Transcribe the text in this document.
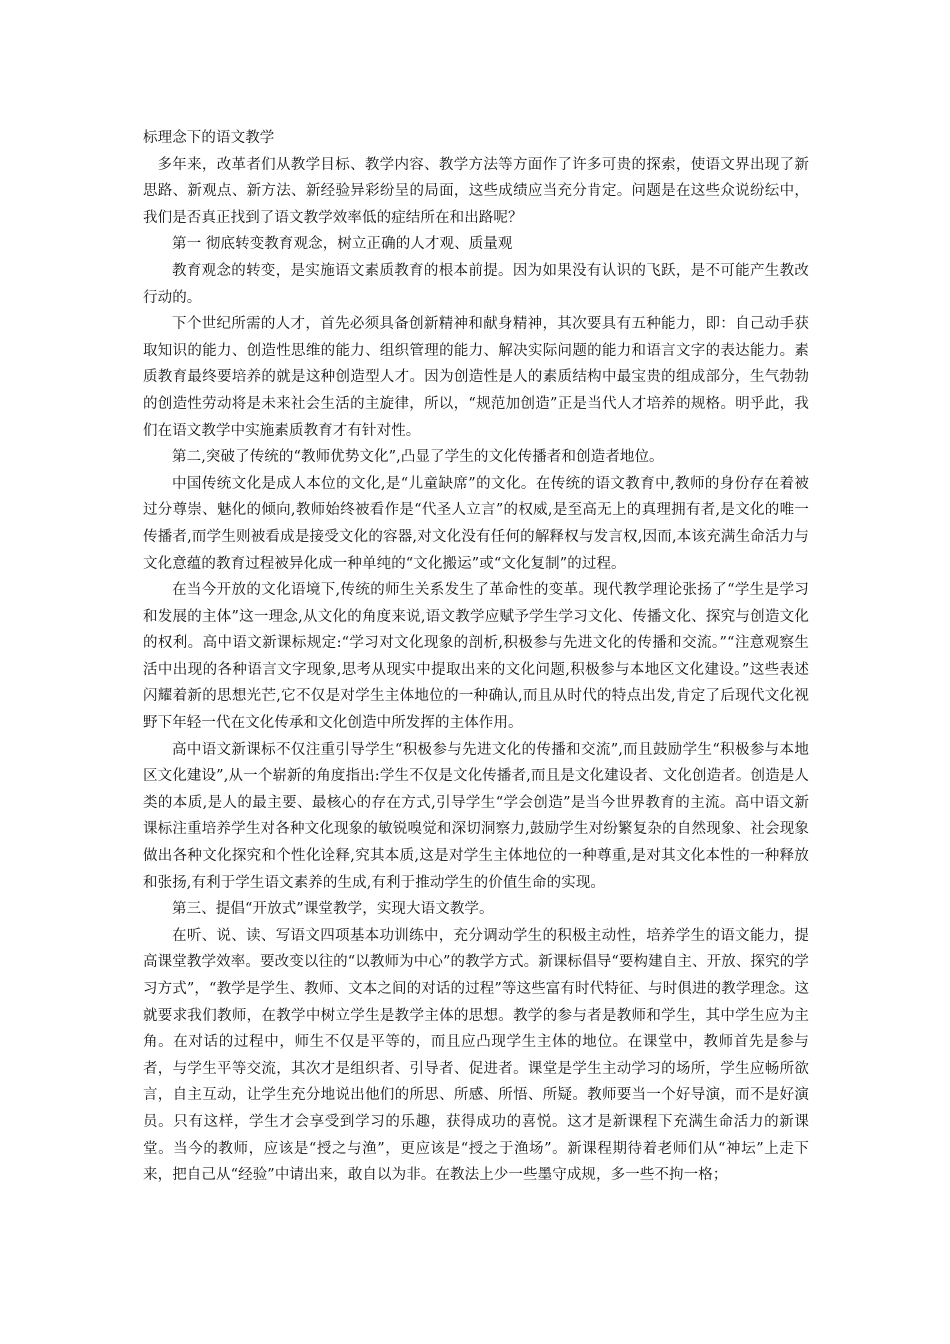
标理念下的语文教学

多年来，改革者们从教学目标、教学内容、教学方法等方面作了许多可贵的探索，使语文界出现了新思路、新观点、新方法、新经验异彩纷呈的局面，这些成绩应当充分肯定。问题是在这些众说纷纭中，我们是否真正找到了语文教学效率低的症结所在和出路呢？

第一 彻底转变教育观念，树立正确的人才观、质量观

教育观念的转变，是实施语文素质教育的根本前提。因为如果没有认识的飞跃，是不可能产生教改行动的。

下个世纪所需的人才，首先必须具备创新精神和献身精神，其次要具有五种能力，即：自己动手获取知识的能力、创造性思维的能力、组织管理的能力、解决实际问题的能力和语言文字的表达能力。素质教育最终要培养的就是这种创造型人才。因为创造性是人的素质结构中最宝贵的组成部分，生气勃勃的创造性劳动将是未来社会生活的主旋律，所以，“规范加创造”正是当代人才培养的规格。明乎此，我们在语文教学中实施素质教育才有针对性。

第二,突破了传统的“教师优势文化”,凸显了学生的文化传播者和创造者地位。

中国传统文化是成人本位的文化,是“儿童缺席”的文化。在传统的语文教育中,教师的身份存在着被过分尊崇、魅化的倾向,教师始终被看作是“代圣人立言”的权威,是至高无上的真理拥有者,是文化的唯一传播者,而学生则被看成是接受文化的容器,对文化没有任何的解释权与发言权,因而,本该充满生命活力与文化意蕴的教育过程被异化成一种单纯的“文化搬运”或“文化复制”的过程。

在当今开放的文化语境下,传统的师生关系发生了革命性的变革。现代教学理论张扬了“学生是学习和发展的主体”这一理念,从文化的角度来说,语文教学应赋予学生学习文化、传播文化、探究与创造文化的权利。高中语文新课标规定:“学习对文化现象的剖析,积极参与先进文化的传播和交流。”“注意观察生活中出现的各种语言文字现象,思考从现实中提取出来的文化问题,积极参与本地区文化建设。”这些表述闪耀着新的思想光芒,它不仅是对学生主体地位的一种确认,而且从时代的特点出发,肯定了后现代文化视野下年轻一代在文化传承和文化创造中所发挥的主体作用。

高中语文新课标不仅注重引导学生“积极参与先进文化的传播和交流”,而且鼓励学生“积极参与本地区文化建设”,从一个崭新的角度指出:学生不仅是文化传播者,而且是文化建设者、文化创造者。创造是人类的本质,是人的最主要、最核心的存在方式,引导学生“学会创造”是当今世界教育的主流。高中语文新课标注重培养学生对各种文化现象的敏锐嗅觉和深切洞察力,鼓励学生对纷繁复杂的自然现象、社会现象做出各种文化探究和个性化诠释,究其本质,这是对学生主体地位的一种尊重,是对其文化本性的一种释放和张扬,有利于学生语文素养的生成,有利于推动学生的价值生命的实现。

第三、提倡“开放式”课堂教学，实现大语文教学。

在听、说、读、写语文四项基本功训练中，充分调动学生的积极主动性，培养学生的语文能力，提高课堂教学效率。要改变以往的“以教师为中心”的教学方式。新课标倡导“要构建自主、开放、探究的学习方式”，“教学是学生、教师、文本之间的对话的过程”等这些富有时代特征、与时俱进的教学理念。这就要求我们教师，在教学中树立学生是教学主体的思想。教学的参与者是教师和学生，其中学生应为主角。在对话的过程中，师生不仅是平等的，而且应凸现学生主体的地位。在课堂中，教师首先是参与者，与学生平等交流，其次才是组织者、引导者、促进者。课堂是学生主动学习的场所，学生应畅所欲言，自主互动，让学生充分地说出他们的所思、所感、所悟、所疑。教师要当一个好导演，而不是好演员。只有这样，学生才会享受到学习的乐趣，获得成功的喜悦。这才是新课程下充满生命活力的新课堂。当今的教师，应该是“授之与渔”，更应该是“授之于渔场”。新课程期待着老师们从“神坛”上走下来，把自己从“经验”中请出来，敢自以为非。在教法上少一些墨守成规，多一些不拘一格；
